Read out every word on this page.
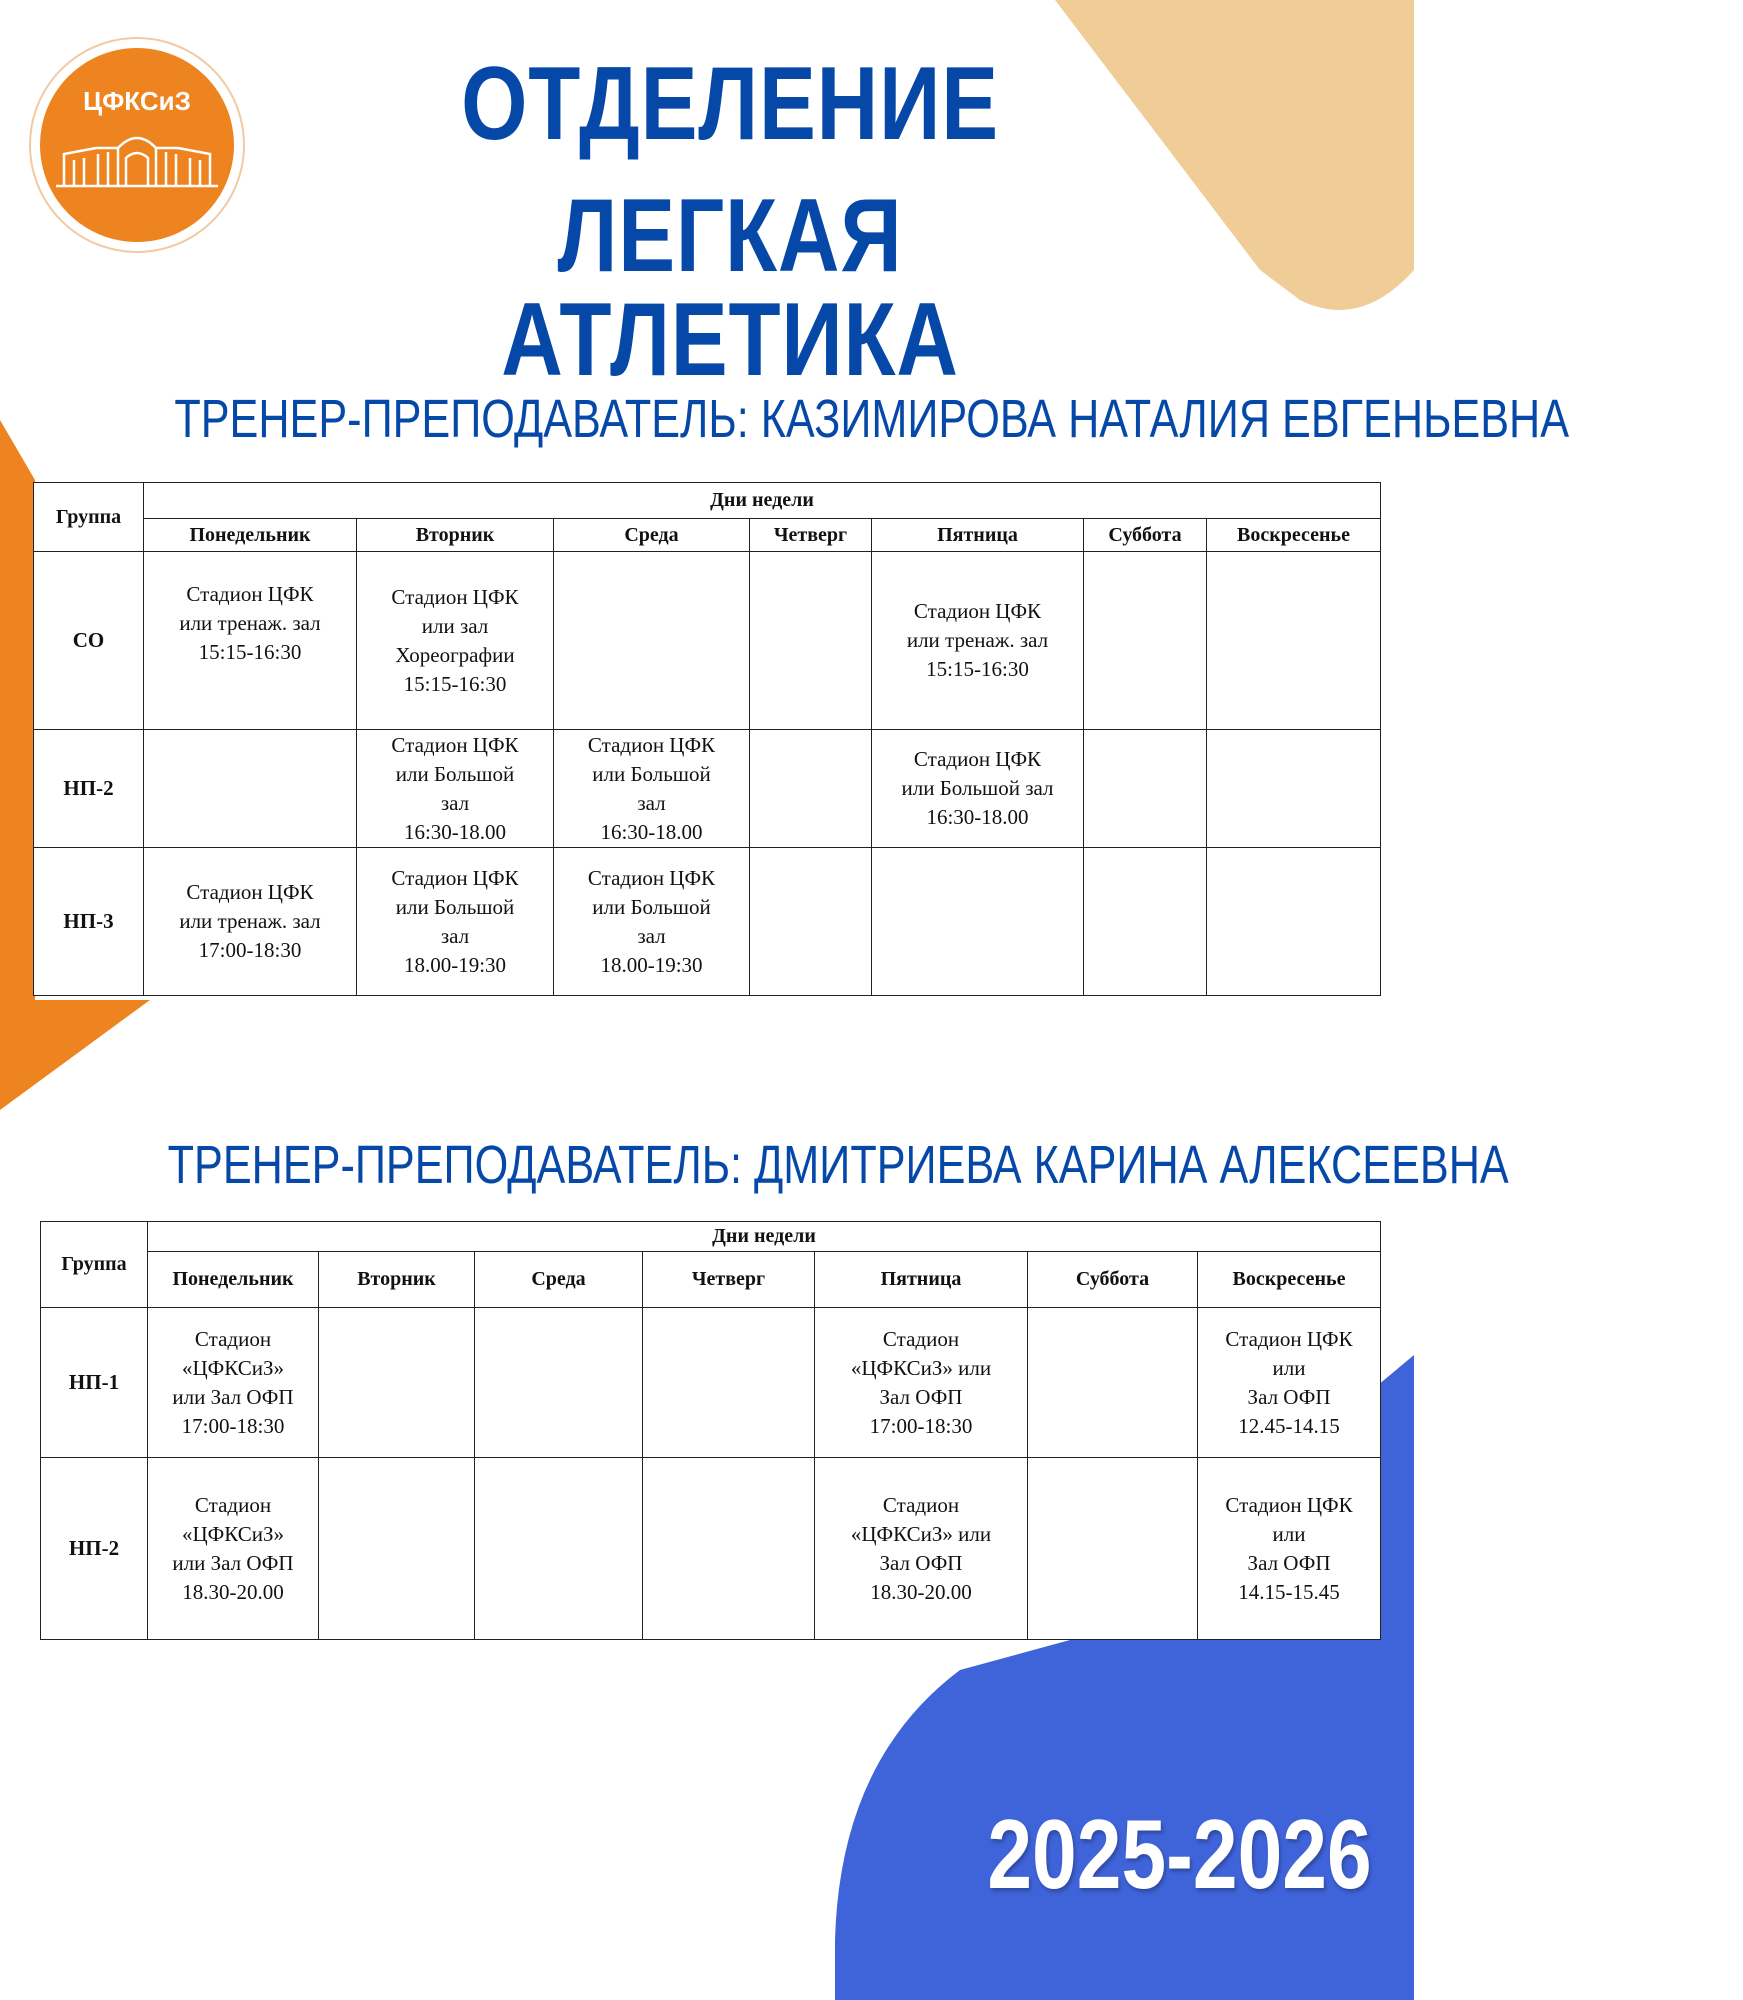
ЦФКСиЗ	ОТДЕЛЕНИЕ
ЛЕГКАЯ АТЛЕТИКА
ТРЕНЕР-ПРЕПОДАВАТЕЛЬ: КАЗИМИРОВА НАТАЛИЯ ЕВГЕНЬЕВНА
Группа	Дни недели						
	Понедельник	Вторник	Среда	Четверг	Пятница	Суббота	Воскресенье
СО	Стадион ЦФК
или тренаж. зал
15:15-16:30	Стадион ЦФК
или зал
Хореографии
15:15-16:30			Стадион ЦФК
или тренаж. зал
15:15-16:30		
НП-2		Стадион ЦФК
или Большой
зал
16:30-18.00	Стадион ЦФК
или Большой
зал
16:30-18.00		Стадион ЦФК
или Большой зал
16:30-18.00		
НП-3	Стадион ЦФК
или тренаж. зал
17:00-18:30	Стадион ЦФК
или Большой
зал
18.00-19:30	Стадион ЦФК
или Большой
зал
18.00-19:30				
ТРЕНЕР-ПРЕПОДАВАТЕЛЬ: ДМИТРИЕВА КАРИНА АЛЕКСЕЕВНА
Группа	Дни недели						
	Понедельник	Вторник	Среда	Четверг	Пятница	Суббота	Воскресенье
НП-1	Стадион
«ЦФКСиЗ»
или Зал ОФП
17:00-18:30				Стадион
«ЦФКСиЗ» или
Зал ОФП
17:00-18:30		Стадион ЦФК
или
Зал ОФП
12.45-14.15
НП-2	Стадион
«ЦФКСиЗ»
или Зал ОФП
18.30-20.00				Стадион
«ЦФКСиЗ» или
Зал ОФП
18.30-20.00		Стадион ЦФК
или
Зал ОФП
14.15-15.45
2025-2026
